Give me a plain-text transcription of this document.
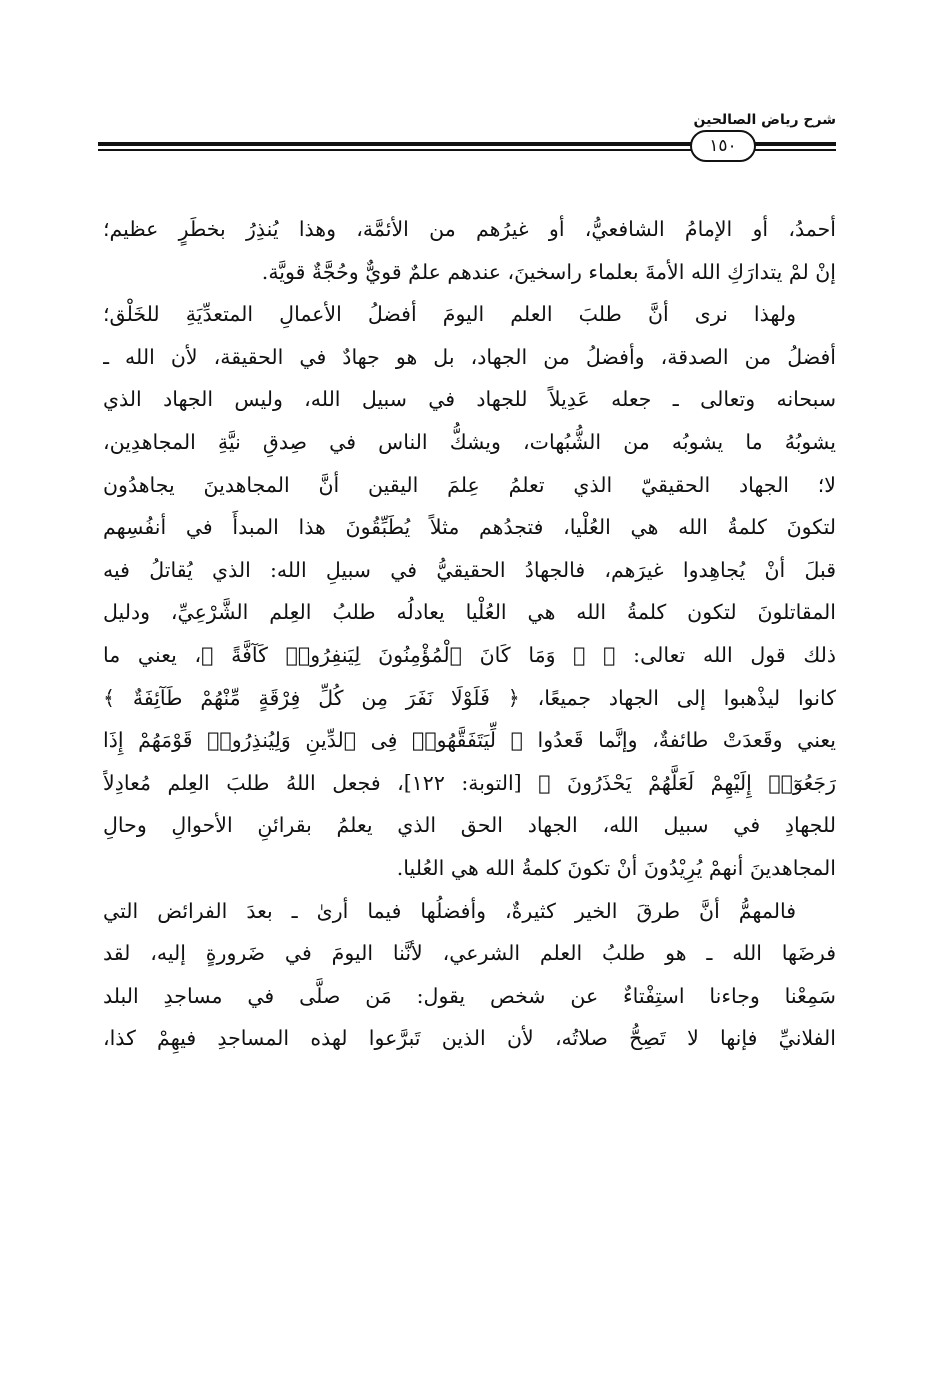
شرح رياض الصالحين
١٥٠
أحمدُ، أو الإمامُ الشافعيُّ، أو غيرُهم من الأئمَّة، وهذا يُنذِرُ بخطَرٍ عظيم؛
إنْ لمْ يتدارَكِ الله الأمةَ بعلماء راسخينَ، عندهم علمٌ قويٌّ وحُجَّةٌ قويَّة.
ولهذا نرى أنَّ طلبَ العلم اليومَ أفضلُ الأعمالِ المتعدِّيَةِ للخَلْق؛
أفضلُ من الصدقة، وأفضلُ من الجهاد، بل هو جهادٌ في الحقيقة، لأن الله ـ
سبحانه وتعالى ـ جعله عَدِيلاً للجهاد في سبيل الله، وليس الجهاد الذي
يشوبُهُ ما يشوبُه من الشُّبُهات، ويشكُّ الناس في صِدقِ نيَّةِ المجاهدِين،
لا؛ الجهاد الحقيقيّ الذي تعلمُ عِلمَ اليقين أنَّ المجاهدينَ يجاهدُون
لتكونَ كلمةُ الله هي العُلْيا، فتجدُهم مثلاً يُطَبِّقُونَ هذا المبدأَ في أنفُسِهم
قبلَ أنْ يُجاهِدوا غيرَهم، فالجهادُ الحقيقيُّ في سبيلِ الله: الذي يُقاتلُ فيه
المقاتلونَ لتكون كلمةُ الله هي العُلْيا يعادلُه طلبُ العِلم الشَّرْعِيِّ، ودليل
ذلك قول الله تعالى: ﴿ ۞ وَمَا كَانَ ٱلْمُؤْمِنُونَ لِيَنفِرُوا۟ كَآفَّةً ﴾، يعني ما
كانوا ليذْهبوا إلى الجهاد جميعًا، ﴿ فَلَوْلَا نَفَرَ مِن كُلِّ فِرْقَةٍ مِّنْهُمْ طَآئِفَةٌ ﴾
يعني وقَعدَتْ طائفةٌ، وإنَّما قَعدُوا ﴿ لِّيَتَفَقَّهُوا۟ فِى ٱلدِّينِ وَلِيُنذِرُوا۟ قَوْمَهُمْ إِذَا
رَجَعُوٓا۟ إِلَيْهِمْ لَعَلَّهُمْ يَحْذَرُونَ ﴾ [التوبة: ١٢٢]، فجعل اللهُ طلبَ العِلم مُعادِلاً
للجهادِ في سبيل الله، الجهاد الحق الذي يعلمُ بقرائنِ الأحوالِ وحالِ
المجاهدينَ أنهمْ يُرِيْدُونَ أنْ تكونَ كلمةُ الله هي العُليا.
فالمهمُّ أنَّ طرقَ الخير كثيرةٌ، وأفضلُها فيما أرىٰ ـ بعدَ الفرائض التي
فرضَها الله ـ هو طلبُ العلم الشرعي، لأنَّنا اليومَ في ضَرورةٍ إليه، لقد
سَمِعْنا وجاءنا استِفْتاءٌ عن شخص يقول: مَن صلَّى في مساجدِ البلد
الفلانيِّ فإنها لا تَصِحُّ صلاتُه، لأن الذين تَبرَّعوا لهذه المساجدِ فيهِمْ كذا،
